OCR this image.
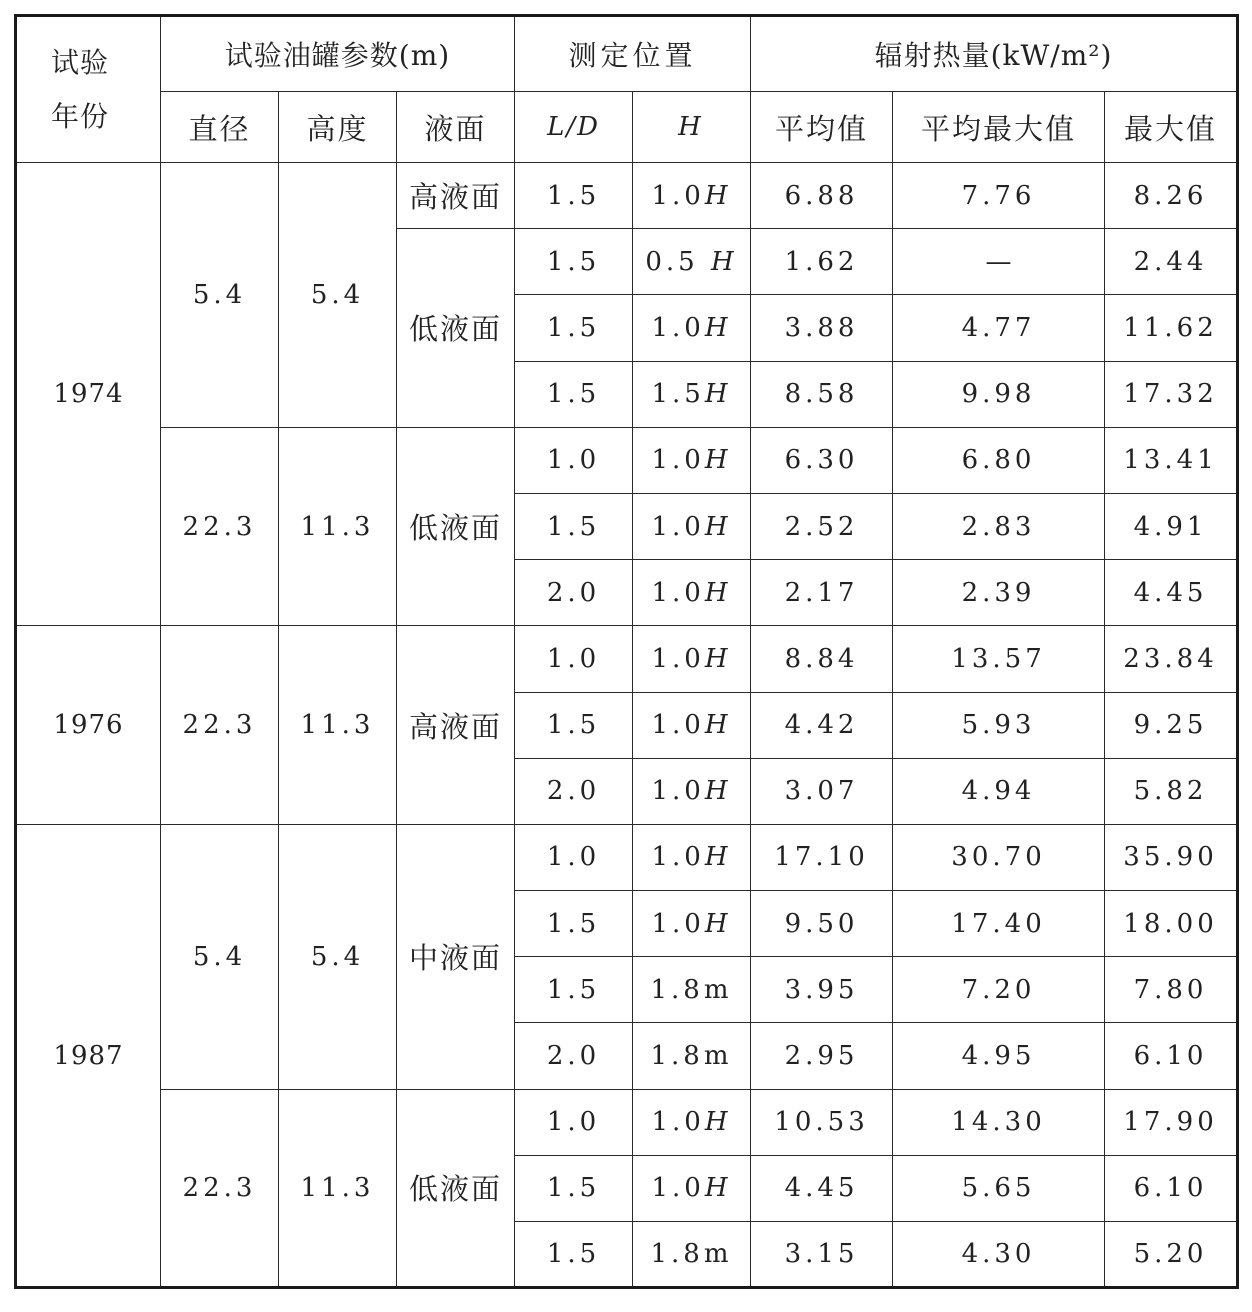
试验
年份	试验油罐参数(m)			测定位置		辐射热量(kW/m²)		
	直径	高度	液面	L/D	H	平均值	平均最大值	最大值
1974	5.4	5.4	高液面	1.5	1.0H	6.88	7.76	8.26
			低液面	1.5	0.5 H	1.62	—	2.44
				1.5	1.0H	3.88	4.77	11.62
				1.5	1.5H	8.58	9.98	17.32
	22.3	11.3	低液面	1.0	1.0H	6.30	6.80	13.41
				1.5	1.0H	2.52	2.83	4.91
				2.0	1.0H	2.17	2.39	4.45
1976	22.3	11.3	高液面	1.0	1.0H	8.84	13.57	23.84
				1.5	1.0H	4.42	5.93	9.25
				2.0	1.0H	3.07	4.94	5.82
1987	5.4	5.4	中液面	1.0	1.0H	17.10	30.70	35.90
				1.5	1.0H	9.50	17.40	18.00
				1.5	1.8m	3.95	7.20	7.80
				2.0	1.8m	2.95	4.95	6.10
	22.3	11.3	低液面	1.0	1.0H	10.53	14.30	17.90
				1.5	1.0H	4.45	5.65	6.10
				1.5	1.8m	3.15	4.30	5.20
